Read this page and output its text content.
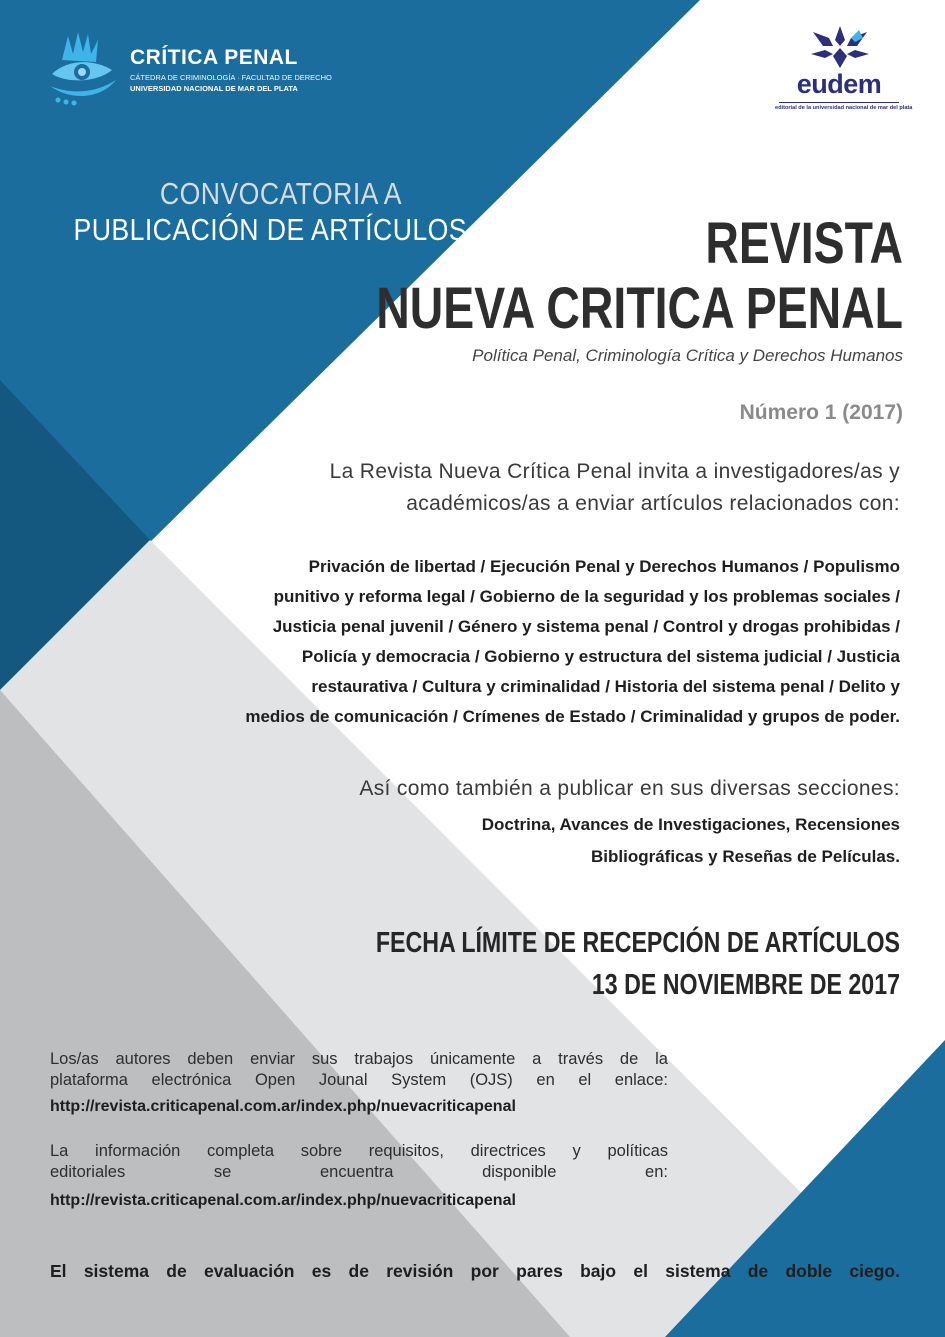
CRÍTICA PENAL
CÁTEDRA DE CRIMINOLOGÍA · FACULTAD DE DERECHO
UNIVERSIDAD NACIONAL DE MAR DEL PLATA	eudem
editorial de la universidad nacional de mar del plata
CONVOCATORIA A
PUBLICACIÓN DE ARTÍCULOS	REVISTA
NUEVA CRITICA PENAL
Política Penal, Criminología Crítica y Derechos Humanos
Número 1 (2017)
La Revista Nueva Crítica Penal invita a investigadores/as y
académicos/as a enviar artículos relacionados con:
Privación de libertad / Ejecución Penal y Derechos Humanos / Populismo
punitivo y reforma legal / Gobierno de la seguridad y los problemas sociales /
Justicia penal juvenil / Género y sistema penal / Control y drogas prohibidas /
Policía y democracia / Gobierno y estructura del sistema judicial / Justicia
restaurativa / Cultura y criminalidad / Historia del sistema penal / Delito y
medios de comunicación / Crímenes de Estado / Criminalidad y grupos de poder.
Así como también a publicar en sus diversas secciones:
Doctrina, Avances de Investigaciones, Recensiones
Bibliográficas y Reseñas de Películas.
FECHA LÍMITE DE RECEPCIÓN DE ARTÍCULOS
13 DE NOVIEMBRE DE 2017
Los/as autores deben enviar sus trabajos únicamente a través de la
plataforma electrónica Open Jounal System (OJS) en el enlace:
http://revista.criticapenal.com.ar/index.php/nuevacriticapenal
La información completa sobre requisitos, directrices y políticas
editoriales se encuentra disponible en:
http://revista.criticapenal.com.ar/index.php/nuevacriticapenal
El sistema de evaluación es de revisión por pares bajo el sistema de doble ciego.
